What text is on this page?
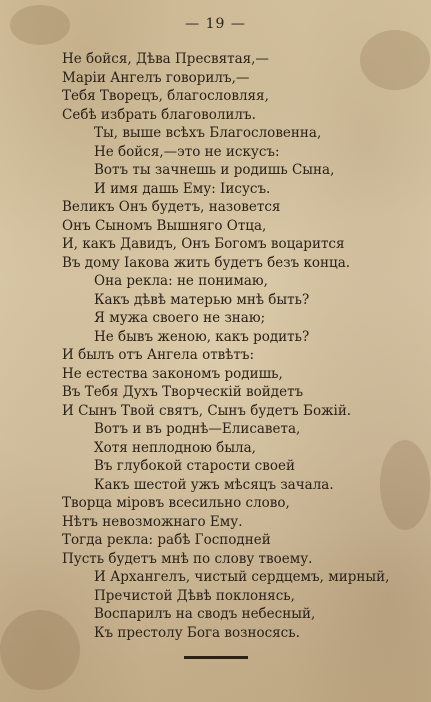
— 19 —
Не бойся, Дѣва Пресвятая,—
Маріи Ангелъ говорилъ,—
Тебя Творецъ, благословляя,
Себѣ избрать благоволилъ.
Ты, выше всѣхъ Благословенна,
Не бойся,—это не искусъ:
Вотъ ты зачнешь и родишь Сына,
И имя дашь Ему: Іисусъ.
Великъ Онъ будетъ, назовется
Онъ Сыномъ Вышняго Отца,
И, какъ Давидъ, Онъ Богомъ воцарится
Въ дому Іакова жить будетъ безъ конца.
Она рекла: не понимаю,
Какъ дѣвѣ матерью мнѣ быть?
Я мужа своего не знаю;
Не бывъ женою, какъ родить?
И былъ отъ Ангела отвѣтъ:
Не естества закономъ родишь,
Въ Тебя Духъ Творческій войдетъ
И Сынъ Твой святъ, Сынъ будетъ Божій.
Вотъ и въ роднѣ—Елисавета,
Хотя неплодною была,
Въ глубокой старости своей
Какъ шестой ужъ мѣсяцъ зачала.
Творца міровъ всесильно слово,
Нѣтъ невозможнаго Ему.
Тогда рекла: рабѣ Господней
Пусть будетъ мнѣ по слову твоему.
И Архангелъ, чистый сердцемъ, мирный,
Пречистой Дѣвѣ поклонясь,
Воспарилъ на сводъ небесный,
Къ престолу Бога возносясь.
